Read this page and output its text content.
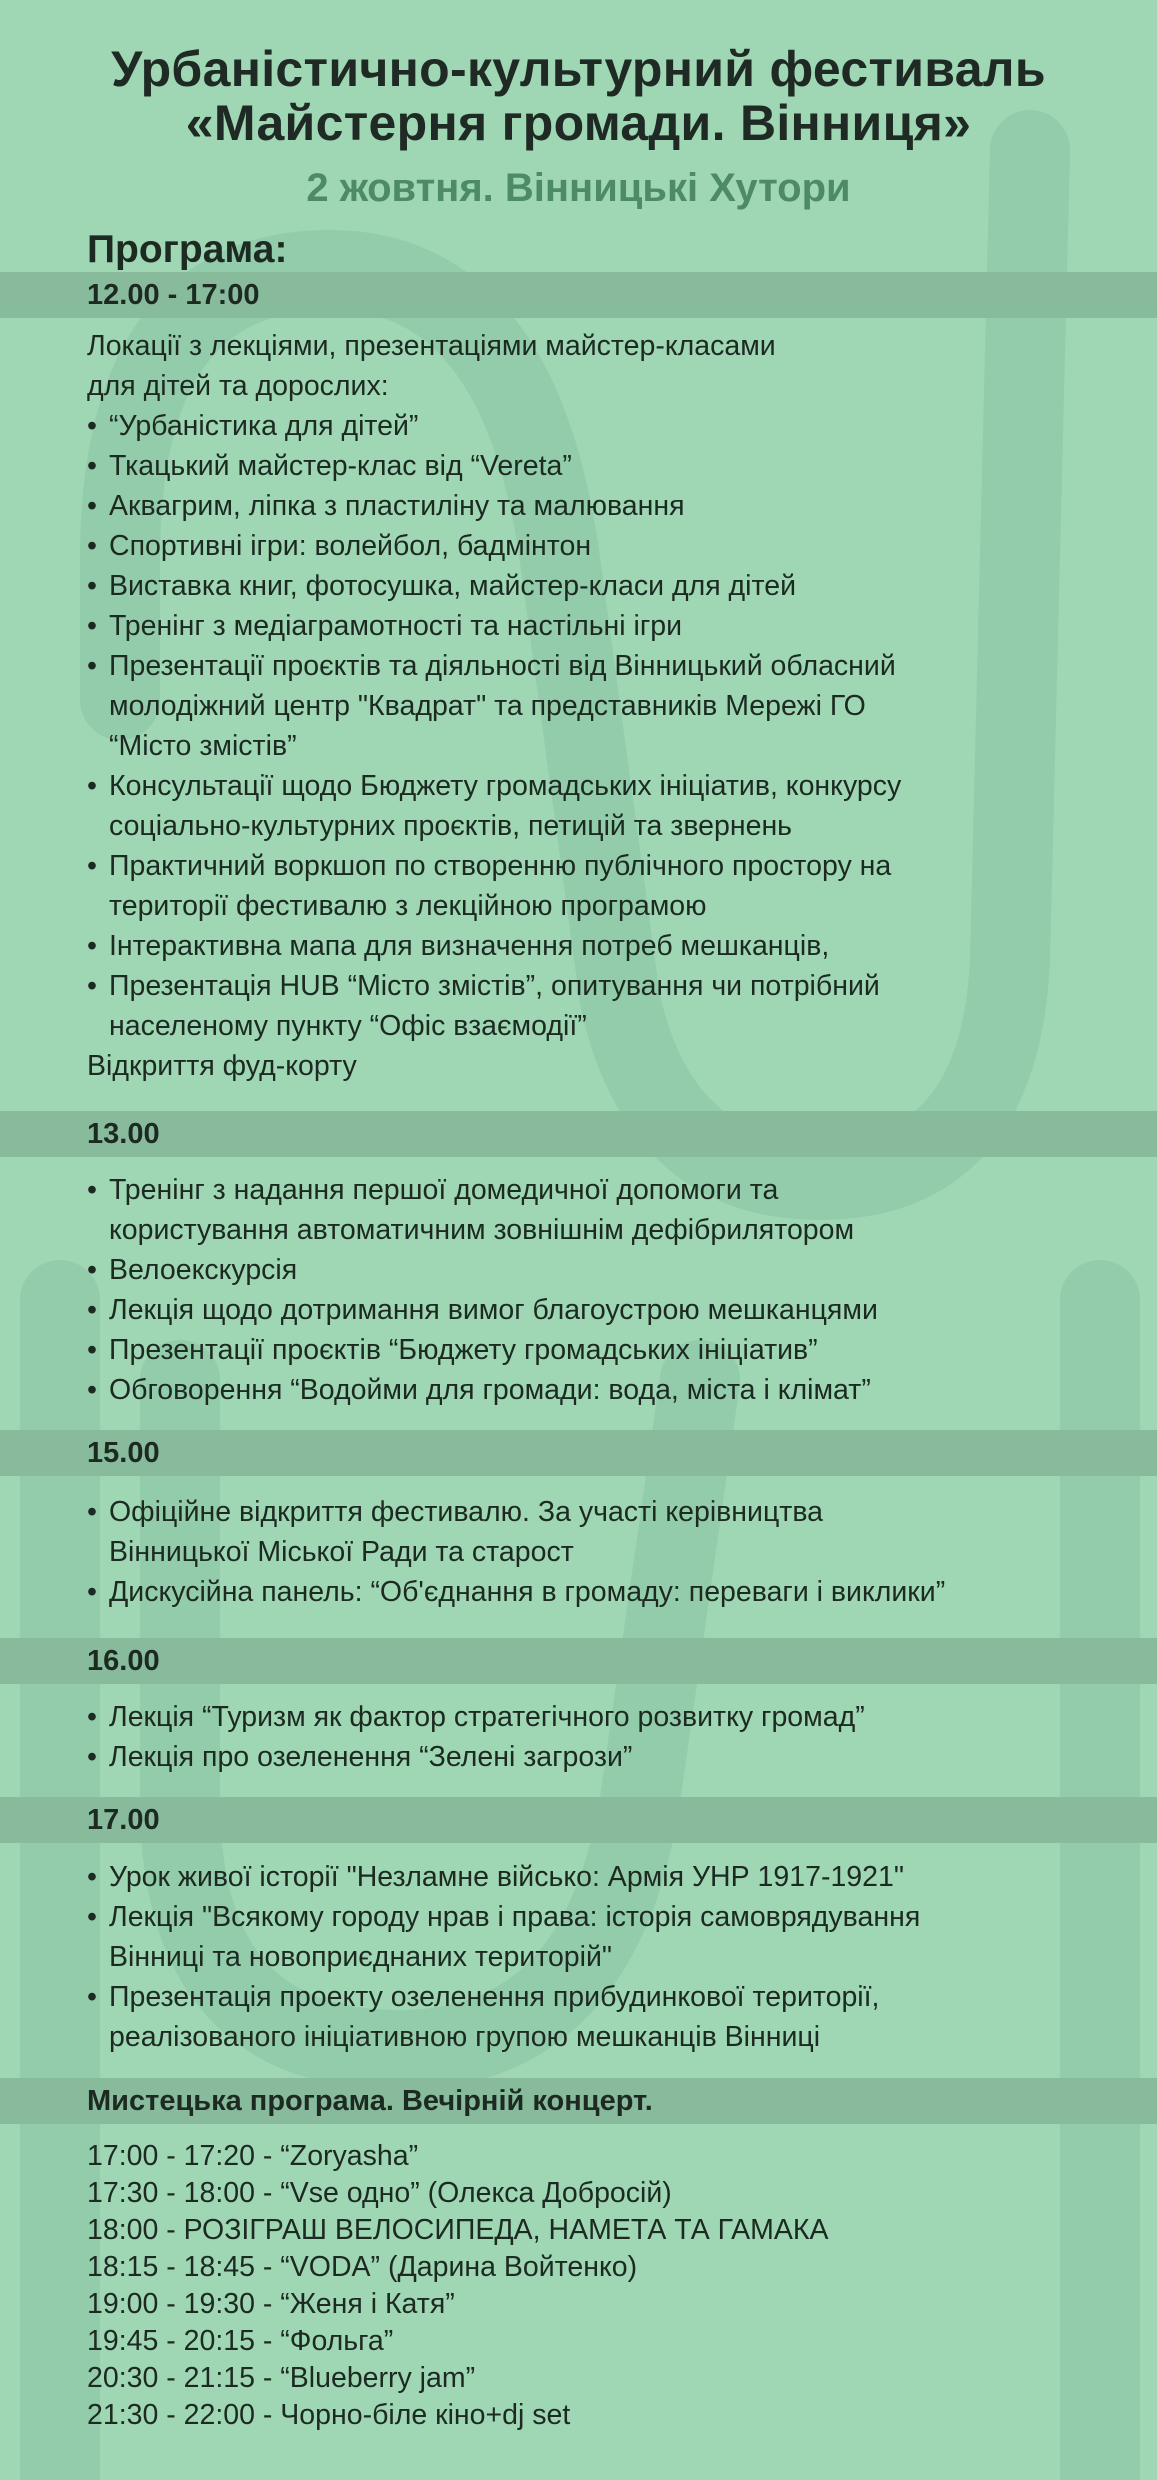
Урбаністично-культурний фестиваль
«Майстерня громади. Вінниця»
2 жовтня. Вінницькі Хутори
Програма:
12.00 - 17:00
Локації з лекціями, презентаціями майстер-класами
для дітей та дорослих:
• “Урбаністика для дітей”
• Ткацький майстер-клас від “Vereta”
• Аквагрим, ліпка з пластиліну та малювання
• Спортивні ігри: волейбол, бадмінтон
• Виставка книг, фотосушка, майстер-класи для дітей
• Тренінг з медіаграмотності та настільні ігри
• Презентації проєктів та діяльності від Вінницький обласний
молодіжний центр "Квадрат" та представників Мережі ГО
“Місто змістів”
• Консультації щодо Бюджету громадських ініціатив, конкурсу
соціально-культурних проєктів, петицій та звернень
• Практичний воркшоп по створенню публічного простору на
території фестивалю з лекційною програмою
• Інтерактивна мапа для визначення потреб мешканців,
• Презентація HUB “Місто змістів”, опитування чи потрібний
населеному пункту “Офіс взаємодії”
Відкриття фуд-корту
13.00
• Тренінг з надання першої домедичної допомоги та
користування автоматичним зовнішнім дефібрилятором
• Велоекскурсія
• Лекція щодо дотримання вимог благоустрою мешканцями
• Презентації проєктів “Бюджету громадських ініціатив”
• Обговорення “Водойми для громади: вода, міста і клімат”
15.00
• Офіційне відкриття фестивалю. За участі керівництва
Вінницької Міської Ради та старост
• Дискусійна панель: “Об'єднання в громаду: переваги і виклики”
16.00
• Лекція “Туризм як фактор стратегічного розвитку громад”
• Лекція про озеленення “Зелені загрози”
17.00
• Урок живої історії "Незламне військо: Армія УНР 1917-1921"
• Лекція "Всякому городу нрав і права: історія самоврядування
Вінниці та новоприєднаних територій"
• Презентація проекту озеленення прибудинкової території,
реалізованого ініціативною групою мешканців Вінниці
Мистецька програма. Вечірній концерт.
17:00 - 17:20 - “Zoryasha”
17:30 - 18:00 - “Vse одно” (Олекса Добросій)
18:00 - РОЗІГРАШ ВЕЛОСИПЕДА, НАМЕТА ТА ГАМАКА
18:15 - 18:45 - “VODA” (Дарина Войтенко)
19:00 - 19:30 - “Женя і Катя”
19:45 - 20:15 - “Фольга”
20:30 - 21:15 - “Blueberry jam”
21:30 - 22:00 - Чорно-біле кіно+dj set
